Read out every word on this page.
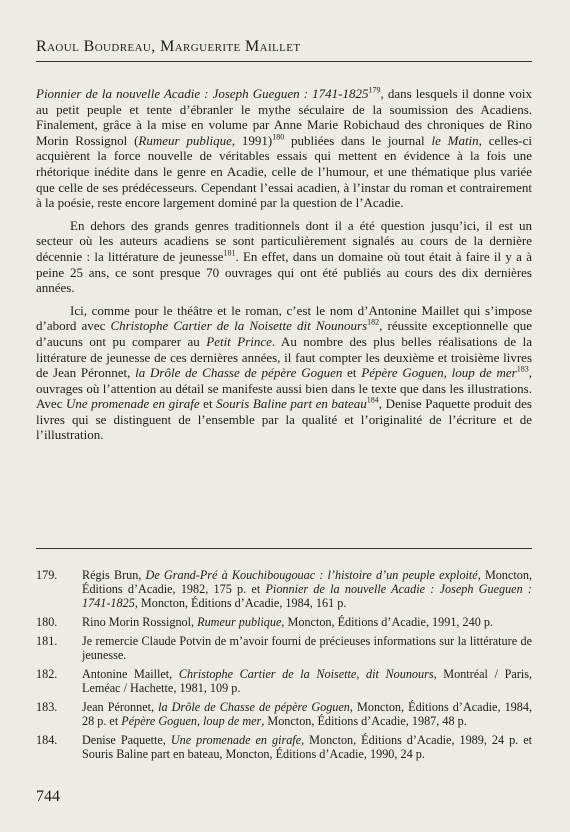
Raoul Boudreau, Marguerite Maillet

Pionnier de la nouvelle Acadie : Joseph Gueguen : 1741-1825$^{179}$, dans lesquels il donne voix au petit peuple et tente d’ébranler le mythe séculaire de la soumission des Acadiens. Finalement, grâce à la mise en volume par Anne Marie Robichaud des chroniques de Rino Morin Rossignol (Rumeur publique, 1991)$^{180}$ publiées dans le journal le Matin, celles-ci acquièrent la force nouvelle de véritables essais qui mettent en évidence à la fois une rhétorique inédite dans le genre en Acadie, celle de l’humour, et une thématique plus variée que celle de ses prédécesseurs. Cependant l’essai acadien, à l’instar du roman et contrairement à la poésie, reste encore largement dominé par la question de l’Acadie.

En dehors des grands genres traditionnels dont il a été question jusqu’ici, il est un secteur où les auteurs acadiens se sont particulièrement signalés au cours de la dernière décennie : la littérature de jeunesse$^{181}$. En effet, dans un domaine où tout était à faire il y a à peine 25 ans, ce sont presque 70 ouvrages qui ont été publiés au cours des dix dernières années.

Ici, comme pour le théâtre et le roman, c’est le nom d’Antonine Maillet qui s’impose d’abord avec Christophe Cartier de la Noisette dit Nounours$^{182}$, réussite exceptionnelle que d’aucuns ont pu comparer au Petit Prince. Au nombre des plus belles réalisations de la littérature de jeunesse de ces dernières années, il faut compter les deuxième et troisième livres de Jean Péronnet, la Drôle de Chasse de pépère Goguen et Pépère Goguen, loup de mer$^{183}$, ouvrages où l’attention au détail se manifeste aussi bien dans le texte que dans les illustrations. Avec Une promenade en girafe et Souris Baline part en bateau$^{184}$, Denise Paquette produit des livres qui se distinguent de l’ensemble par la qualité et l’originalité de l’écriture et de l’illustration.

179.	Régis Brun, De Grand-Pré à Kouchibougouac : l’histoire d’un peuple exploité, Moncton, Éditions d’Acadie, 1982, 175 p. et Pionnier de la nouvelle Acadie : Joseph Gueguen : 1741-1825, Moncton, Éditions d’Acadie, 1984, 161 p.
180.	Rino Morin Rossignol, Rumeur publique, Moncton, Éditions d’Acadie, 1991, 240 p.
181.	Je remercie Claude Potvin de m’avoir fourni de précieuses informations sur la littérature de jeunesse.
182.	Antonine Maillet, Christophe Cartier de la Noisette, dit Nounours, Montréal / Paris, Leméac / Hachette, 1981, 109 p.
183.	Jean Péronnet, la Drôle de Chasse de pépère Goguen, Moncton, Éditions d’Acadie, 1984, 28 p. et Pépère Goguen, loup de mer, Moncton, Éditions d’Acadie, 1987, 48 p.
184.	Denise Paquette, Une promenade en girafe, Moncton, Éditions d’Acadie, 1989, 24 p. et Souris Baline part en bateau, Moncton, Éditions d’Acadie, 1990, 24 p.
744
